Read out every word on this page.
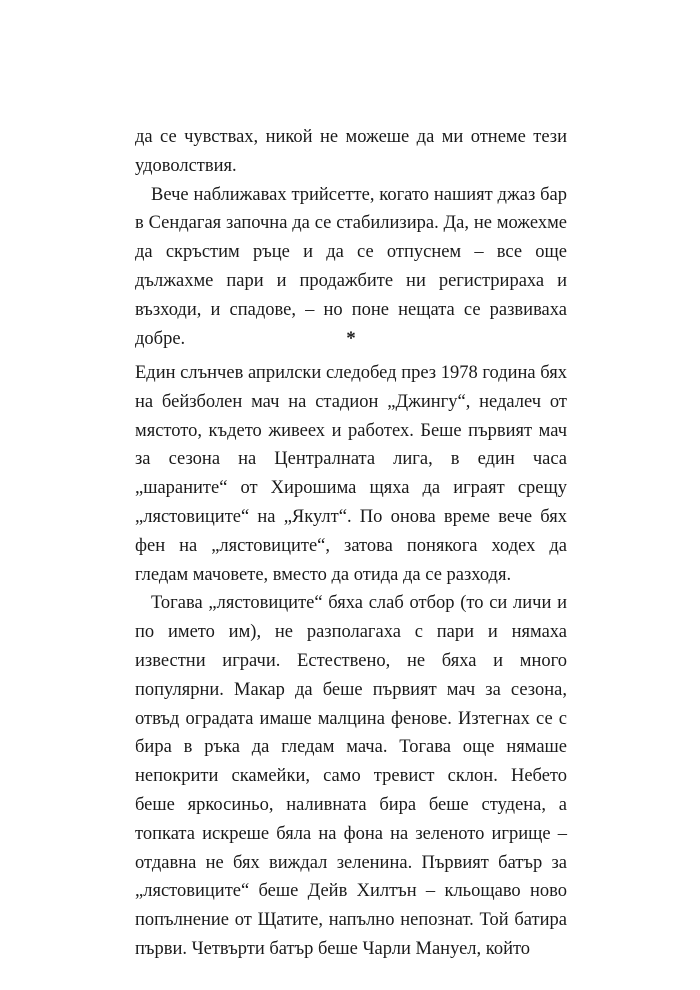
да се чувствах, никой не можеше да ми отнеме тези удоволствия.

Вече наближавах трийсетте, когато нашият джаз бар в Сендагая започна да се стабилизира. Да, не можехме да скръстим ръце и да се отпуснем – все още дължахме пари и продажбите ни регистрираха и възходи, и спадове, – но поне нещата се развиваха добре.	*

Един слънчев априлски следобед през 1978 година бях на бейзболен мач на стадион „Джингу“, недалеч от мястото, където живеех и работех. Беше първият мач за сезона на Централната лига, в един часа „шараните“ от Хирошима щяха да играят срещу „лястовиците“ на „Якулт“. По онова време вече бях фен на „лястовиците“, затова понякога ходех да гледам мачовете, вместо да отида да се разходя.

Тогава „лястовиците“ бяха слаб отбор (то си личи и по името им), не разполагаха с пари и нямаха известни играчи. Естествено, не бяха и много популярни. Макар да беше първият мач за сезона, отвъд оградата имаше малцина фенове. Изтегнах се с бира в ръка да гледам мача. Тогава още нямаше непокрити скамейки, само тревист склон. Небето беше яркосиньо, наливната бира беше студена, а топката искреше бяла на фона на зеленото игрище – отдавна не бях виждал зеленина. Първият батър за „лястовиците“ беше Дейв Хилтън – кльощаво ново попълнение от Щатите, напълно непознат. Той батира първи. Четвърти батър беше Чарли Мануел, който
